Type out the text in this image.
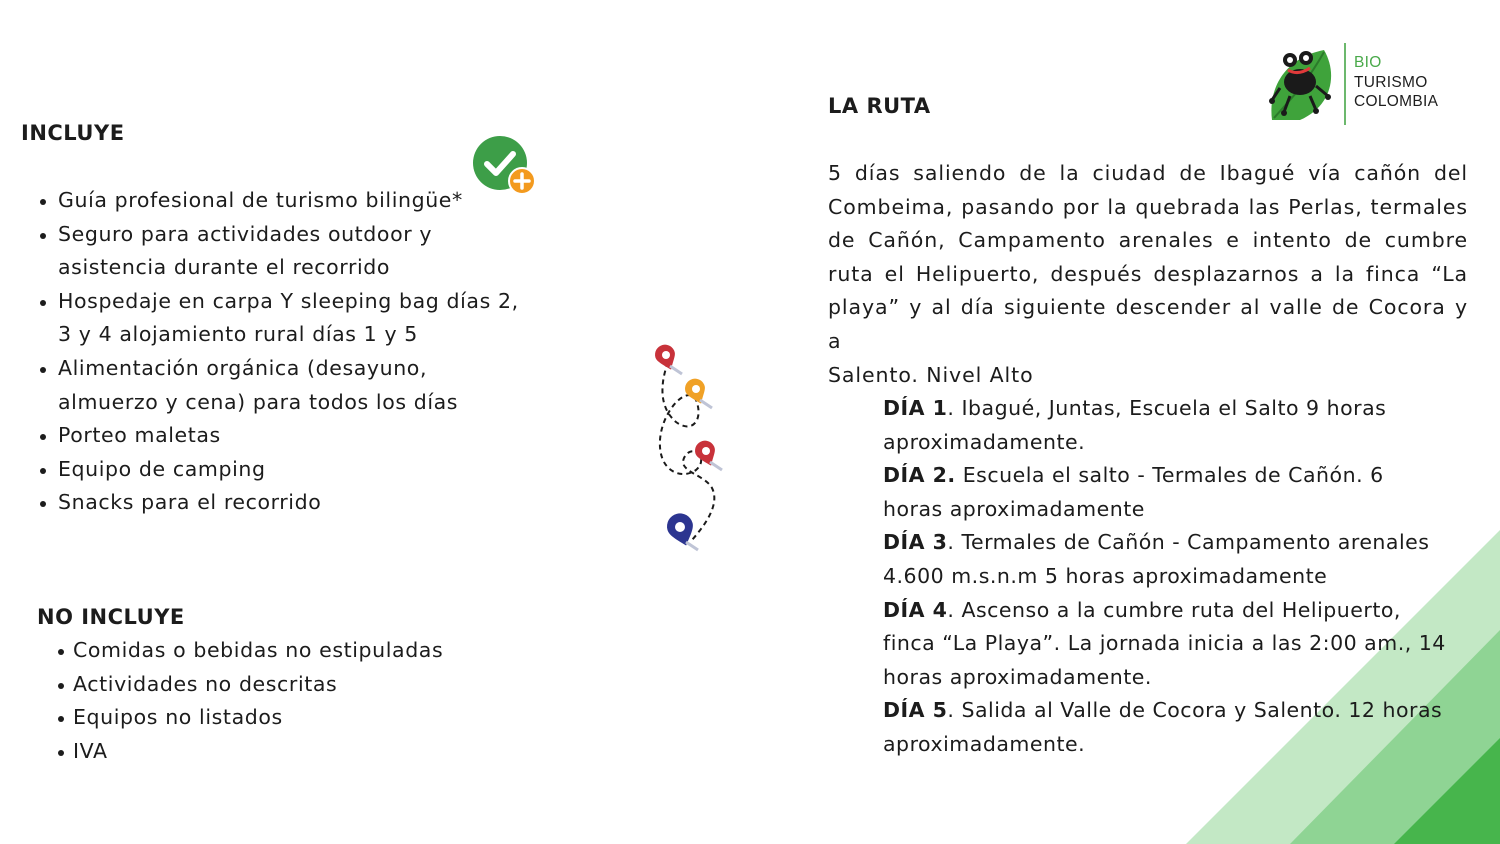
BIO
TURISMO
COLOMBIA
INCLUYE
Guía profesional de turismo bilingüe*
Seguro para actividades outdoor y
asistencia durante el recorrido
Hospedaje en carpa Y sleeping bag días 2,
3 y 4 alojamiento rural días 1 y 5
Alimentación orgánica (desayuno,
almuerzo y cena) para todos los días
Porteo maletas
Equipo de camping
Snacks para el recorrido
NO INCLUYE
Comidas o bebidas no estipuladas
Actividades no descritas
Equipos no listados
IVA
LA RUTA
5 días saliendo de la ciudad de Ibagué vía cañón del
Combeima, pasando por la quebrada las Perlas, termales
de Cañón, Campamento arenales e intento de cumbre
ruta el Helipuerto, después desplazarnos a la finca “La
playa” y al día siguiente descender al valle de Cocora y a
Salento. Nivel Alto

DÍA 1. Ibagué, Juntas, Escuela el Salto 9 horas

aproximadamente.

DÍA 2. Escuela el salto - Termales de Cañón. 6

horas aproximadamente

DÍA 3. Termales de Cañón - Campamento arenales

4.600 m.s.n.m 5 horas aproximadamente

DÍA 4. Ascenso a la cumbre ruta del Helipuerto,

finca “La Playa”. La jornada inicia a las 2:00 am., 14

horas aproximadamente.

DÍA 5. Salida al Valle de Cocora y Salento. 12 horas

aproximadamente.
